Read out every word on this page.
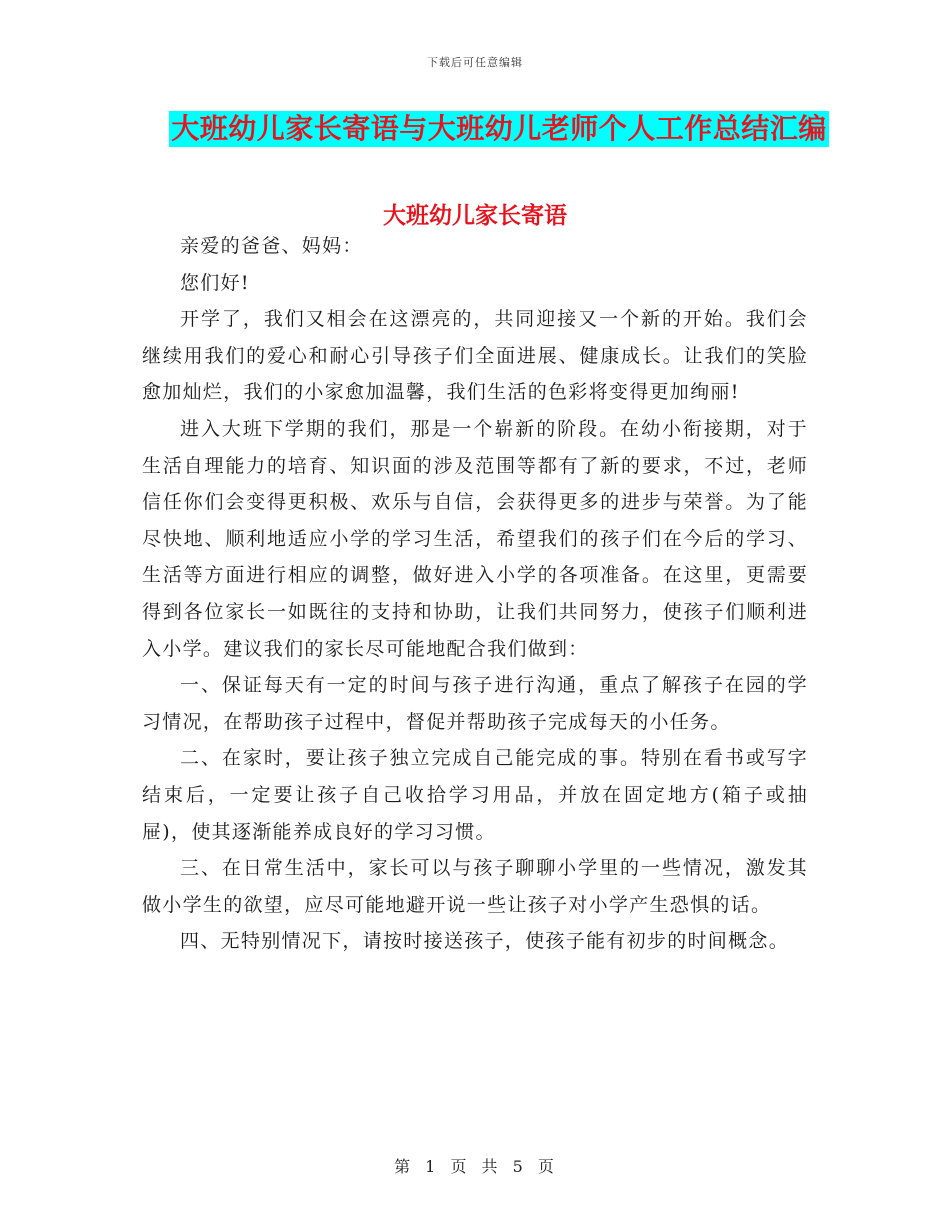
下载后可任意编辑
大班幼儿家长寄语与大班幼儿老师个人工作总结汇编
大班幼儿家长寄语

亲爱的爸爸、妈妈：

您们好!

开学了，我们又相会在这漂亮的，共同迎接又一个新的开始。我们会继续用我们的爱心和耐心引导孩子们全面进展、健康成长。让我们的笑脸愈加灿烂，我们的小家愈加温馨，我们生活的色彩将变得更加绚丽!

进入大班下学期的我们，那是一个崭新的阶段。在幼小衔接期，对于生活自理能力的培育、知识面的涉及范围等都有了新的要求，不过，老师信任你们会变得更积极、欢乐与自信，会获得更多的进步与荣誉。为了能尽快地、顺利地适应小学的学习生活，希望我们的孩子们在今后的学习、生活等方面进行相应的调整，做好进入小学的各项准备。在这里，更需要得到各位家长一如既往的支持和协助，让我们共同努力，使孩子们顺利进入小学。建议我们的家长尽可能地配合我们做到：

一、保证每天有一定的时间与孩子进行沟通，重点了解孩子在园的学习情况，在帮助孩子过程中，督促并帮助孩子完成每天的小任务。

二、在家时，要让孩子独立完成自己能完成的事。特别在看书或写字结束后，一定要让孩子自己收拾学习用品，并放在固定地方(箱子或抽屉)，使其逐渐能养成良好的学习习惯。

三、在日常生活中，家长可以与孩子聊聊小学里的一些情况，激发其做小学生的欲望，应尽可能地避开说一些让孩子对小学产生恐惧的话。

四、无特别情况下，请按时接送孩子，使孩子能有初步的时间概念。

第 1 页 共 5 页
